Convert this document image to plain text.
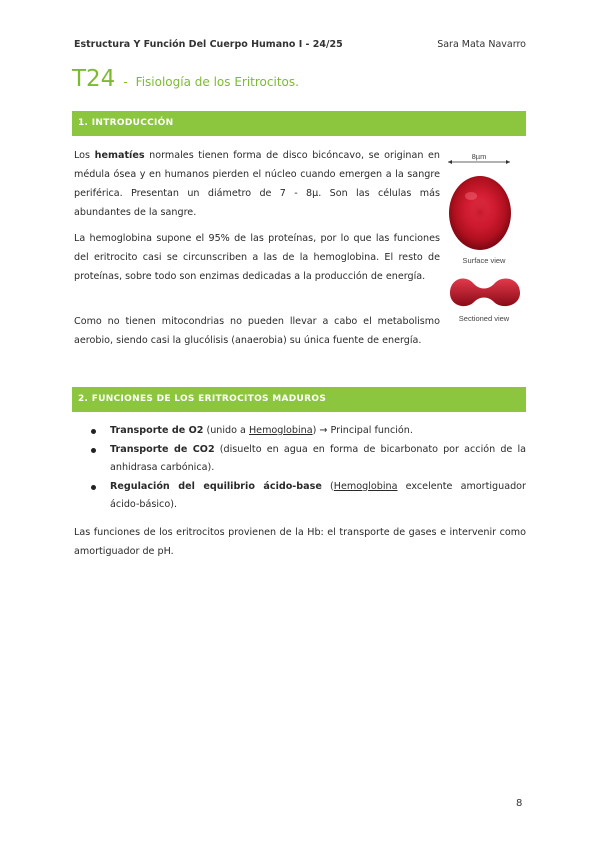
Estructura Y Función Del Cuerpo Humano I - 24/25	Sara Mata Navarro
T24 - Fisiología de los Eritrocitos.
1. INTRODUCCIÓN

Los hematíes normales tienen forma de disco bicóncavo, se originan en médula ósea y en humanos pierden el núcleo cuando emergen a la sangre periférica. Presentan un diámetro de 7 - 8µ. Son las células más abundantes de la sangre.

La hemoglobina supone el 95% de las proteínas, por lo que las funciones del eritrocito casi se circunscriben a las de la hemoglobina. El resto de proteínas, sobre todo son enzimas dedicadas a la producción de energía.

Como no tienen mitocondrias no pueden llevar a cabo el metabolismo aerobio, siendo casi la glucólisis (anaerobia) su única fuente de energía.

8µm
Surface view
Sectioned view
2. FUNCIONES DE LOS ERITROCITOS MADUROS
Transporte de O2 (unido a Hemoglobina) → Principal función.
Transporte de CO2 (disuelto en agua en forma de bicarbonato por acción de la anhidrasa carbónica).
Regulación del equilibrio ácido-base (Hemoglobina excelente amortiguador ácido-básico).

Las funciones de los eritrocitos provienen de la Hb: el transporte de gases e intervenir como amortiguador de pH.

8
